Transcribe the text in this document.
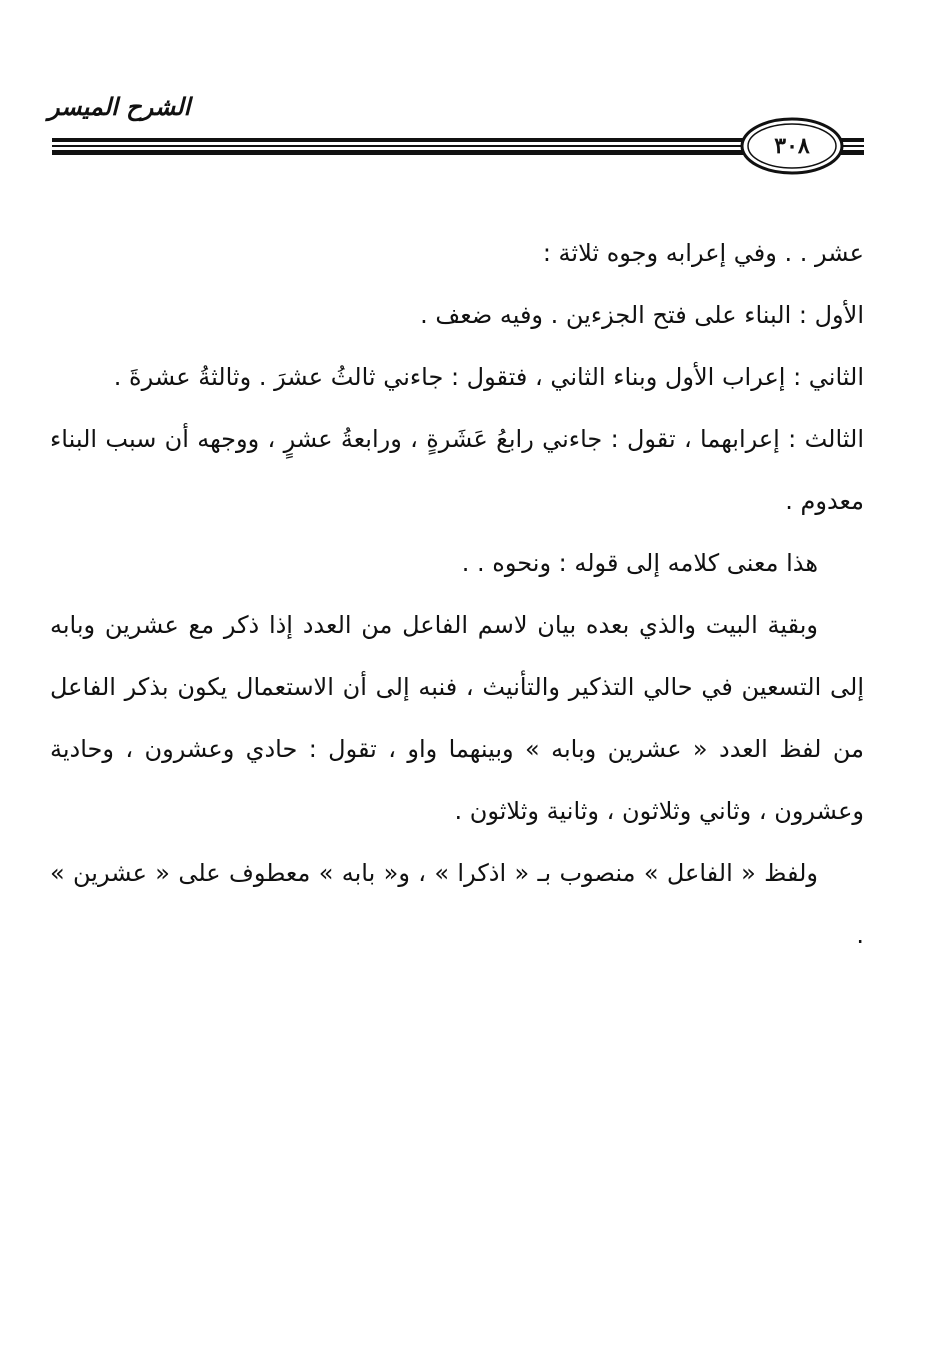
الشرح الميسر
٣٠٨

عشر . . وفي إعرابه وجوه ثلاثة :

الأول : البناء على فتح الجزءين . وفيه ضعف .

الثاني : إعراب الأول وبناء الثاني ، فتقول : جاءني ثالثُ عشرَ . وثالثةُ عشرةَ .

الثالث : إعرابهما ، تقول : جاءني رابعُ عَشَرةٍ ، ورابعةُ عشرٍ ، ووجهه أن سبب البناء معدوم .

هذا معنى كلامه إلى قوله : ونحوه . .

وبقية البيت والذي بعده بيان لاسم الفاعل من العدد إذا ذكر مع عشرين وبابه إلى التسعين في حالي التذكير والتأنيث ، فنبه إلى أن الاستعمال يكون بذكر الفاعل من لفظ العدد « عشرين وبابه » وبينهما واو ، تقول : حادي وعشرون ، وحادية وعشرون ، وثاني وثلاثون ، وثانية وثلاثون .

ولفظ « الفاعل » منصوب بـ « اذكرا » ، و« بابه » معطوف على « عشرين » .
